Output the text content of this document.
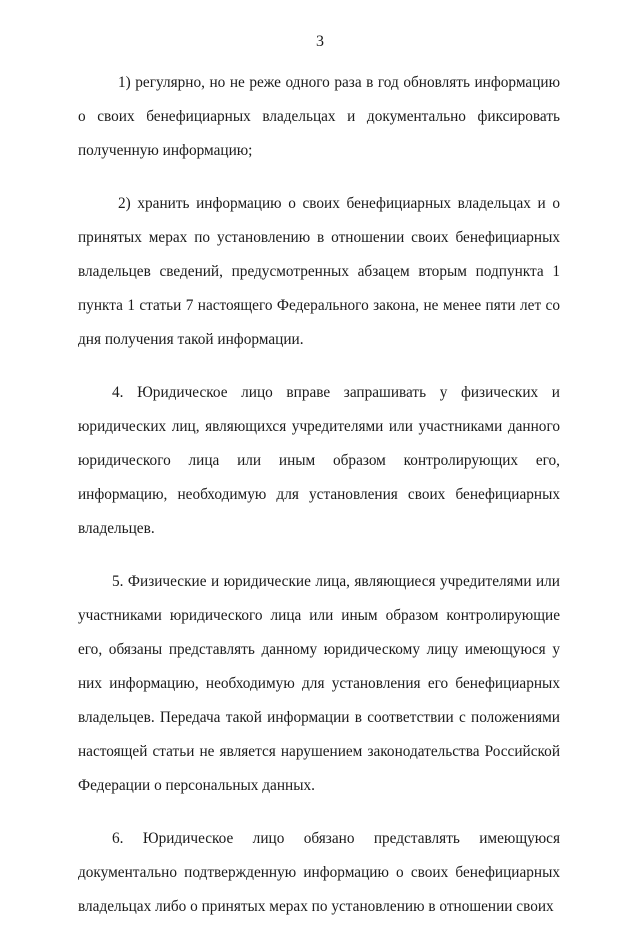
3

1) регулярно, но не реже одного раза в год обновлять информацию о своих бенефициарных владельцах и документально фиксировать полученную информацию;

2) хранить информацию о своих бенефициарных владельцах и о принятых мерах по установлению в отношении своих бенефициарных владельцев сведений, предусмотренных абзацем вторым подпункта 1 пункта 1 статьи 7 настоящего Федерального закона, не менее пяти лет со дня получения такой информации.

4. Юридическое лицо вправе запрашивать у физических и юридических лиц, являющихся учредителями или участниками данного юридического лица или иным образом контролирующих его, информацию, необходимую для установления своих бенефициарных владельцев.

5. Физические и юридические лица, являющиеся учредителями или участниками юридического лица или иным образом контролирующие его, обязаны представлять данному юридическому лицу имеющуюся у них информацию, необходимую для установления его бенефициарных владельцев. Передача такой информации в соответствии с положениями настоящей статьи не является нарушением законодательства Российской Федерации о персональных данных.

6. Юридическое лицо обязано представлять имеющуюся документально подтвержденную информацию о своих бенефициарных владельцах либо о принятых мерах по установлению в отношении своих
